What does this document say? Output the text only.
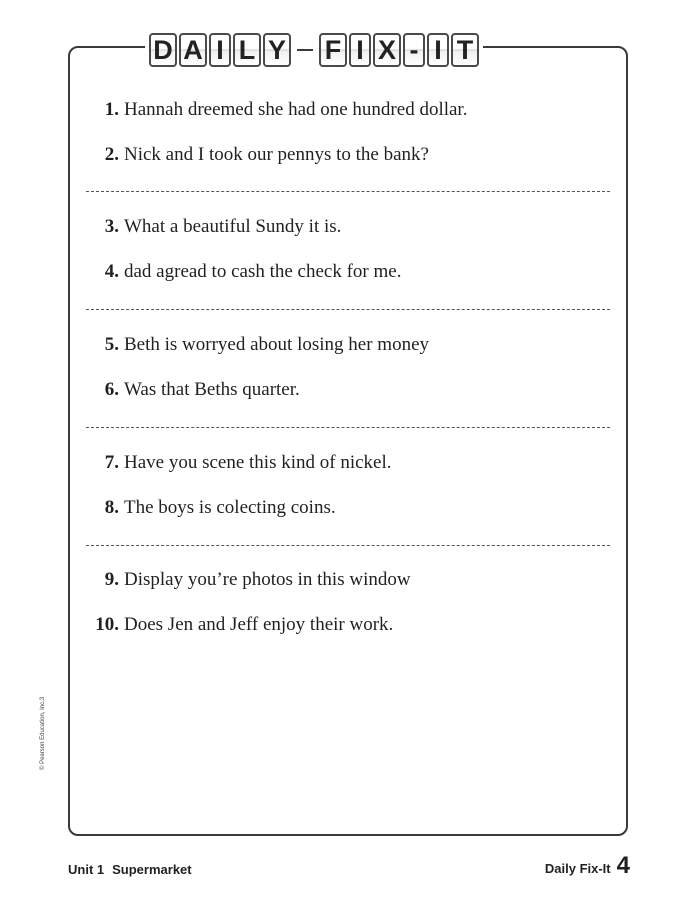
D A I L Y F I X - I T
1. Hannah dreemed she had one hundred dollar.
2. Nick and I took our pennys to the bank?
3. What a beautiful Sundy it is.
4. dad agread to cash the check for me.
5. Beth is worryed about losing her money
6. Was that Beths quarter.
7. Have you scene this kind of nickel.
8. The boys is colecting coins.
9. Display you’re photos in this window
10. Does Jen and Jeff enjoy their work.
© Pearson Education, Inc.3
Unit 1 Supermarket	Daily Fix-It 4
